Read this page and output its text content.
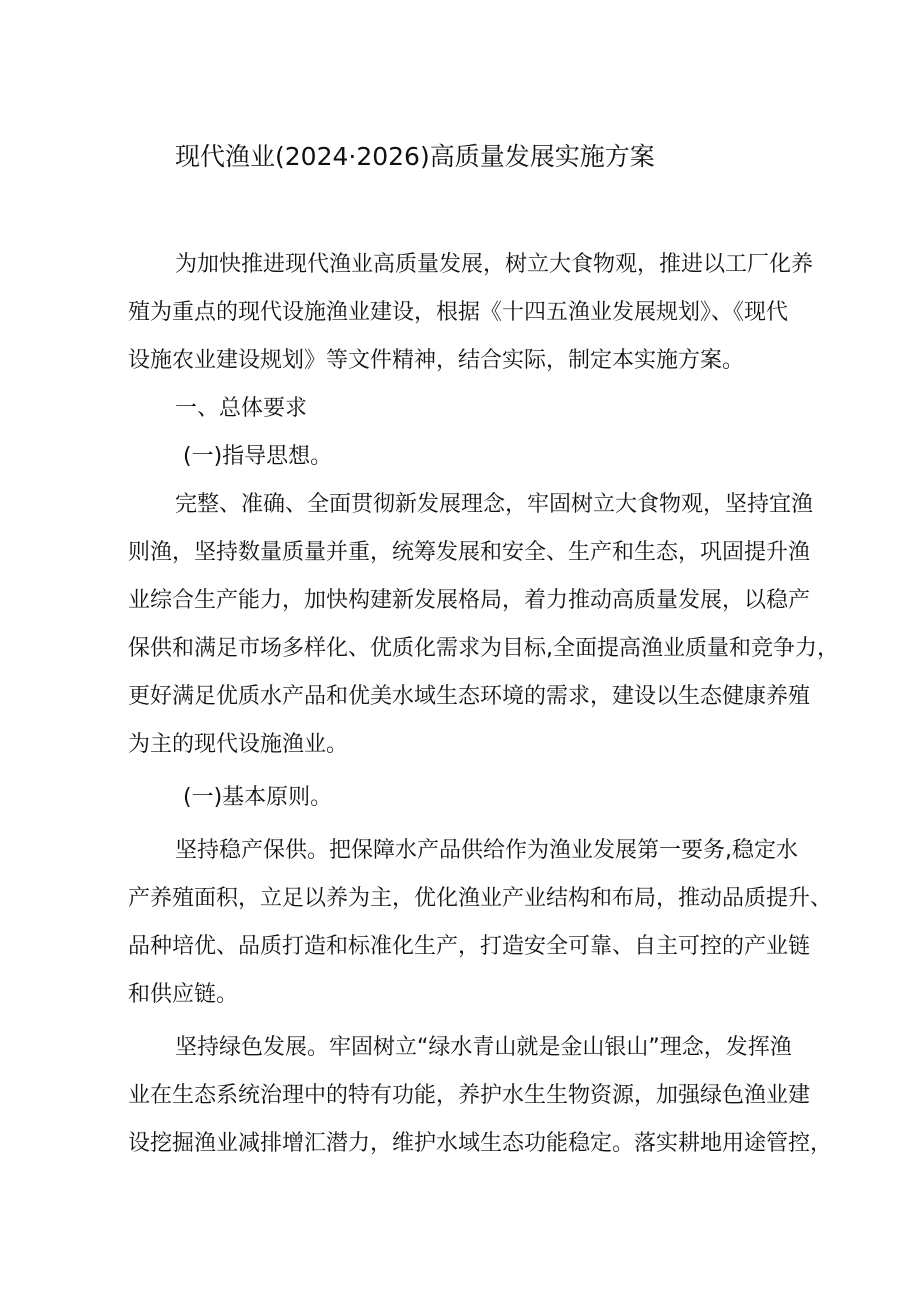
现代渔业(2024·2026)高质量发展实施方案
为加快推进现代渔业高质量发展，树立大食物观，推进以工厂化养
殖为重点的现代设施渔业建设，根据《十四五渔业发展规划》、《现代
设施农业建设规划》等文件精神，结合实际，制定本实施方案。
一、总体要求
(一)指导思想。
完整、准确、全面贯彻新发展理念，牢固树立大食物观，坚持宜渔
则渔，坚持数量质量并重，统筹发展和安全、生产和生态，巩固提升渔
业综合生产能力，加快构建新发展格局，着力推动高质量发展，以稳产
保供和满足市场多样化、优质化需求为目标,全面提高渔业质量和竞争力，
更好满足优质水产品和优美水域生态环境的需求，建设以生态健康养殖
为主的现代设施渔业。
(一)基本原则。
坚持稳产保供。把保障水产品供给作为渔业发展第一要务,稳定水
产养殖面积，立足以养为主，优化渔业产业结构和布局，推动品质提升、
品种培优、品质打造和标准化生产，打造安全可靠、自主可控的产业链
和供应链。
坚持绿色发展。牢固树立“绿水青山就是金山银山”理念，发挥渔
业在生态系统治理中的特有功能，养护水生生物资源，加强绿色渔业建
设挖掘渔业减排增汇潜力，维护水域生态功能稳定。落实耕地用途管控，
